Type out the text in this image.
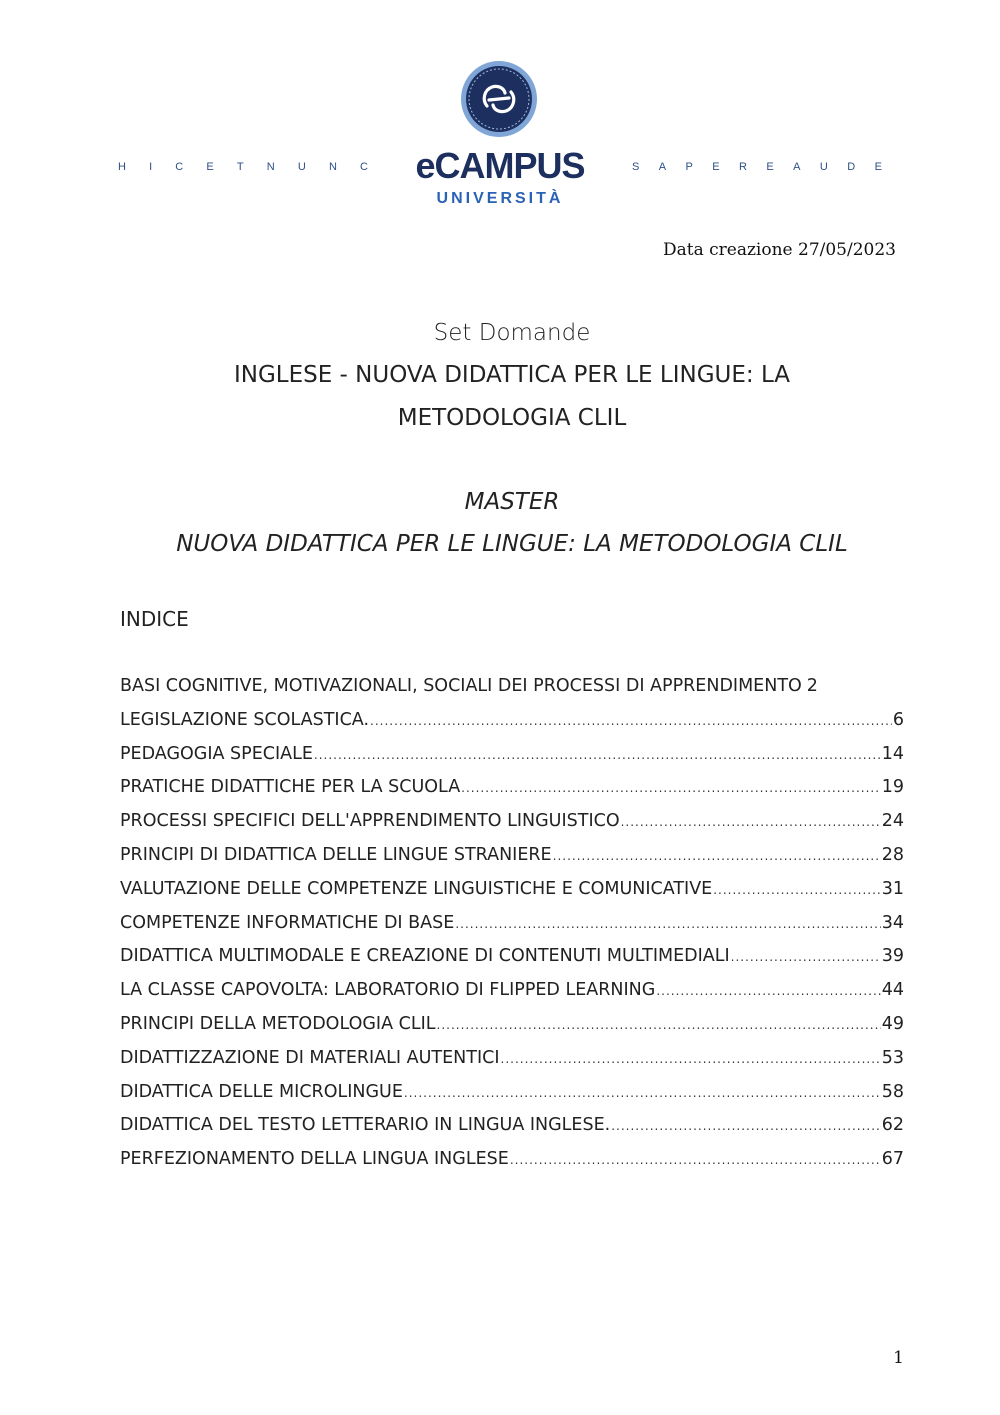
H I C E T N U N C	eCAMPUS
UNIVERSITÀ
S A P E R E A U D E
Data creazione 27/05/2023
Set Domande
INGLESE - NUOVA DIDATTICA PER LE LINGUE: LA
METODOLOGIA CLIL
MASTER
NUOVA DIDATTICA PER LE LINGUE: LA METODOLOGIA CLIL
INDICE
BASI COGNITIVE, MOTIVAZIONALI, SOCIALI DEI PROCESSI DI APPRENDIMENTO 2
LEGISLAZIONE SCOLASTICA. .....	6
PEDAGOGIA SPECIALE .....	14
PRATICHE DIDATTICHE PER LA SCUOLA .....	19
PROCESSI SPECIFICI DELL'APPRENDIMENTO LINGUISTICO .....	24
PRINCIPI DI DIDATTICA DELLE LINGUE STRANIERE .....	28
VALUTAZIONE DELLE COMPETENZE LINGUISTICHE E COMUNICATIVE .....	31
COMPETENZE INFORMATICHE DI BASE .....	34
DIDATTICA MULTIMODALE E CREAZIONE DI CONTENUTI MULTIMEDIALI .....	39
LA CLASSE CAPOVOLTA: LABORATORIO DI FLIPPED LEARNING .....	44
PRINCIPI DELLA METODOLOGIA CLIL .....	49
DIDATTIZZAZIONE DI MATERIALI AUTENTICI .....	53
DIDATTICA DELLE MICROLINGUE .....	58
DIDATTICA DEL TESTO LETTERARIO IN LINGUA INGLESE. .....	62
PERFEZIONAMENTO DELLA LINGUA INGLESE .....	67
1
